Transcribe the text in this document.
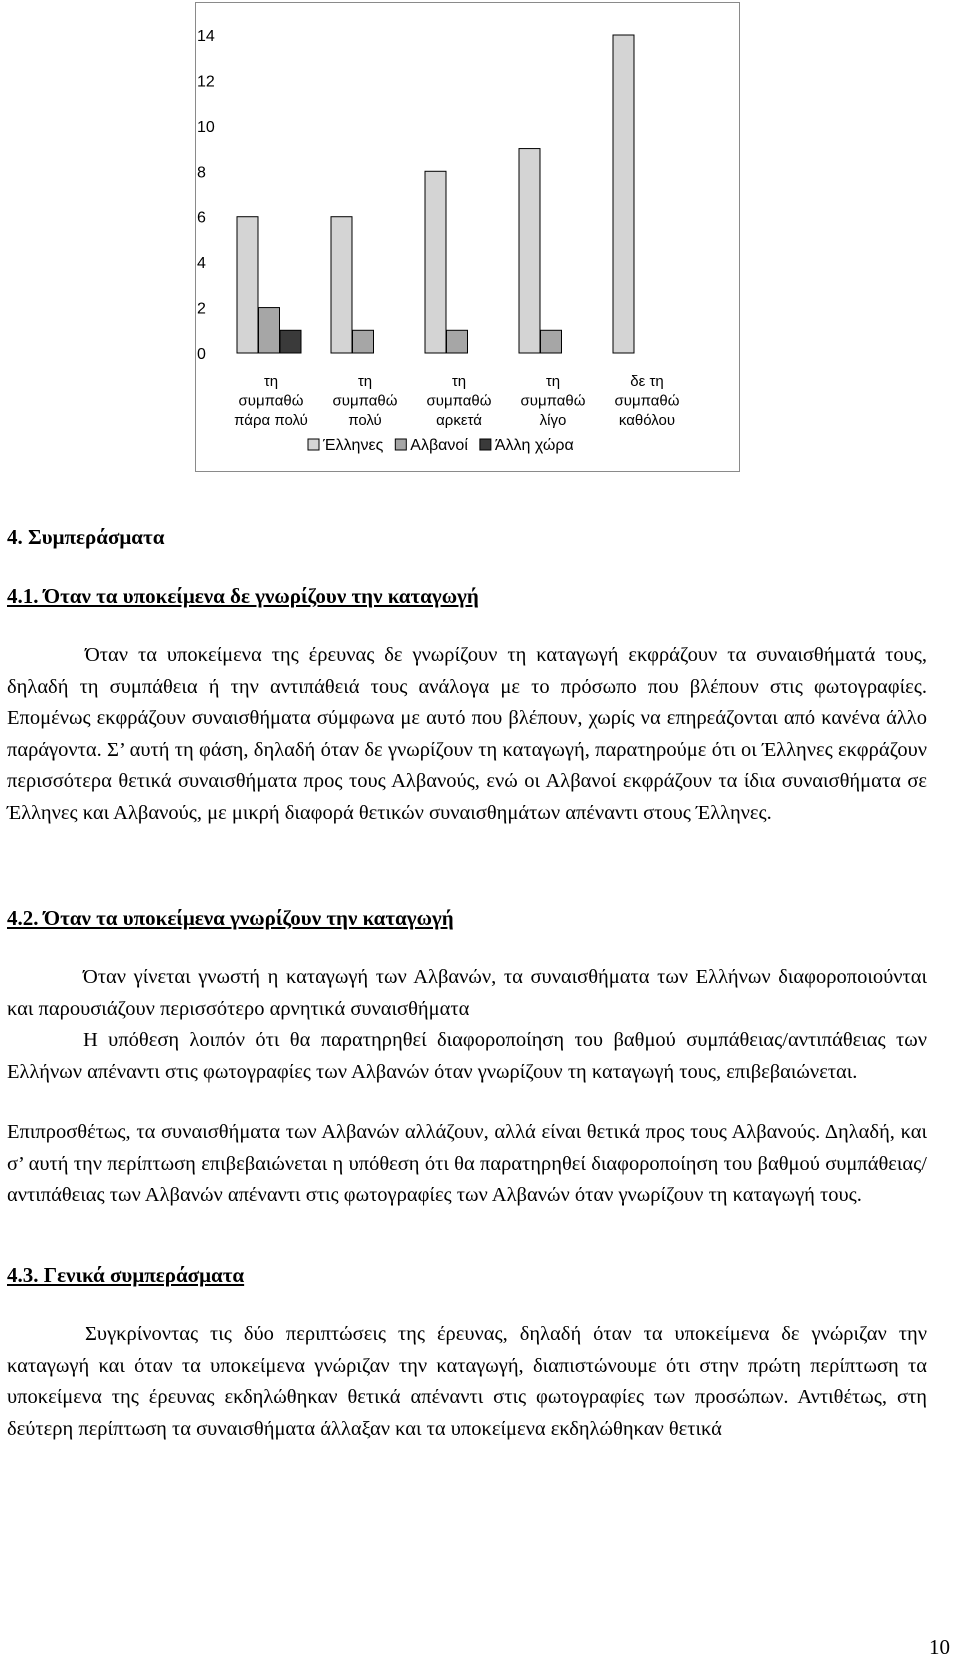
0
2
4
6
8
10
12
14
τη
συμπαθώ
πάρα πολύ
τη
συμπαθώ
πολύ
τη
συμπαθώ
αρκετά
τη
συμπαθώ
λίγο
δε τη
συμπαθώ
καθόλου
Έλληνες Αλβανοί Άλλη χώρα
4. Συμπεράσματα
4.1. Όταν τα υποκείμενα δε γνωρίζουν την καταγωγή
Όταν τα υποκείμενα της έρευνας δε γνωρίζουν τη καταγωγή εκφράζουν τα συναισθήματά τους, δηλαδή τη συμπάθεια ή την αντιπάθειά τους ανάλογα με το πρόσωπο που βλέπουν στις φωτογραφίες. Επομένως εκφράζουν συναισθήματα σύμφωνα με αυτό που βλέπουν, χωρίς να επηρεάζονται από κανένα άλλο παράγοντα. Σ’ αυτή τη φάση, δηλαδή όταν δε γνωρίζουν τη καταγωγή, παρατηρούμε ότι οι Έλληνες εκφράζουν περισσότερα θετικά συναισθήματα προς τους Αλβανούς, ενώ οι Αλβανοί εκφράζουν τα ίδια συναισθήματα σε Έλληνες και Αλβανούς, με μικρή διαφορά θετικών συναισθημάτων απέναντι στους Έλληνες.
4.2. Όταν τα υποκείμενα γνωρίζουν την καταγωγή
Όταν γίνεται γνωστή η καταγωγή των Αλβανών, τα συναισθήματα των Ελλήνων διαφοροποιούνται και παρουσιάζουν περισσότερο αρνητικά συναισθήματα
Η υπόθεση λοιπόν ότι θα παρατηρηθεί διαφοροποίηση του βαθμού συμπάθειας/αντιπάθειας των Ελλήνων απέναντι στις φωτογραφίες των Αλβανών όταν γνωρίζουν τη καταγωγή τους, επιβεβαιώνεται.
Επιπροσθέτως, τα συναισθήματα των Αλβανών αλλάζουν, αλλά είναι θετικά προς τους Αλβανούς. Δηλαδή, και σ’ αυτή την περίπτωση επιβεβαιώνεται η υπόθεση ότι θα παρατηρηθεί διαφοροποίηση του βαθμού συμπάθειας/αντιπάθειας των Αλβανών απέναντι στις φωτογραφίες των Αλβανών όταν γνωρίζουν τη καταγωγή τους.
4.3. Γενικά συμπεράσματα
Συγκρίνοντας τις δύο περιπτώσεις της έρευνας, δηλαδή όταν τα υποκείμενα δε γνώριζαν την καταγωγή και όταν τα υποκείμενα γνώριζαν την καταγωγή, διαπιστώνουμε ότι στην πρώτη περίπτωση τα υποκείμενα της έρευνας εκδηλώθηκαν θετικά απέναντι στις φωτογραφίες των προσώπων. Αντιθέτως, στη δεύτερη περίπτωση τα συναισθήματα άλλαξαν και τα υποκείμενα εκδηλώθηκαν θετικά
10
